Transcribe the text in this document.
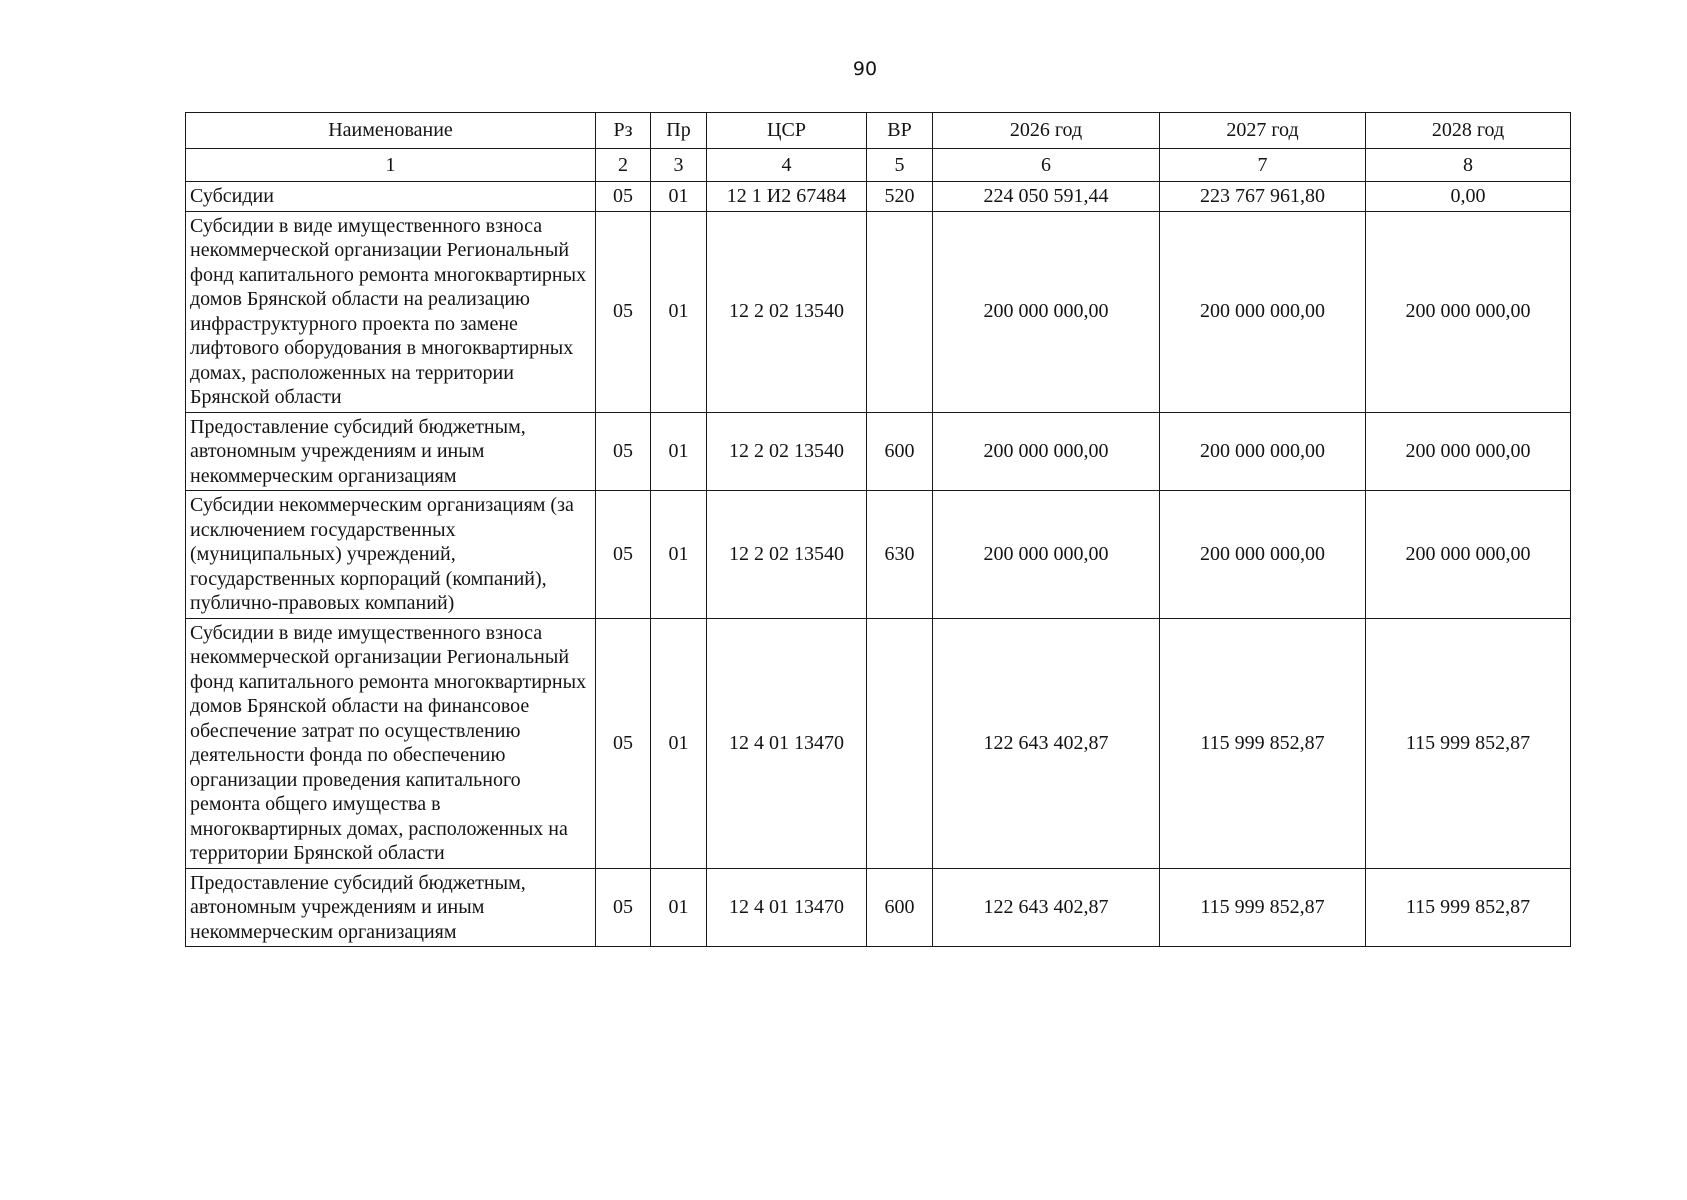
90
Наименование	Рз	Пр	ЦСР	ВР	2026 год	2027 год	2028 год
1	2	3	4	5	6	7	8
Субсидии	05	01	12 1 И2 67484	520	224 050 591,44	223 767 961,80	0,00
Субсидии в виде имущественного взноса некоммерческой организации Региональный фонд капитального ремонта многоквартирных домов Брянской области на реализацию инфраструктурного проекта по замене лифтового оборудования в многоквартирных домах, расположенных на территории Брянской области	05	01	12 2 02 13540		200 000 000,00	200 000 000,00	200 000 000,00
Предоставление субсидий бюджетным, автономным учреждениям и иным некоммерческим организациям	05	01	12 2 02 13540	600	200 000 000,00	200 000 000,00	200 000 000,00
Субсидии некоммерческим организациям (за исключением государственных (муниципальных) учреждений, государственных корпораций (компаний), публично-правовых компаний)	05	01	12 2 02 13540	630	200 000 000,00	200 000 000,00	200 000 000,00
Субсидии в виде имущественного взноса некоммерческой организации Региональный фонд капитального ремонта многоквартирных домов Брянской области на финансовое обеспечение затрат по осуществлению деятельности фонда по обеспечению организации проведения капитального ремонта общего имущества в многоквартирных домах, расположенных на территории Брянской области	05	01	12 4 01 13470		122 643 402,87	115 999 852,87	115 999 852,87
Предоставление субсидий бюджетным, автономным учреждениям и иным некоммерческим организациям	05	01	12 4 01 13470	600	122 643 402,87	115 999 852,87	115 999 852,87
